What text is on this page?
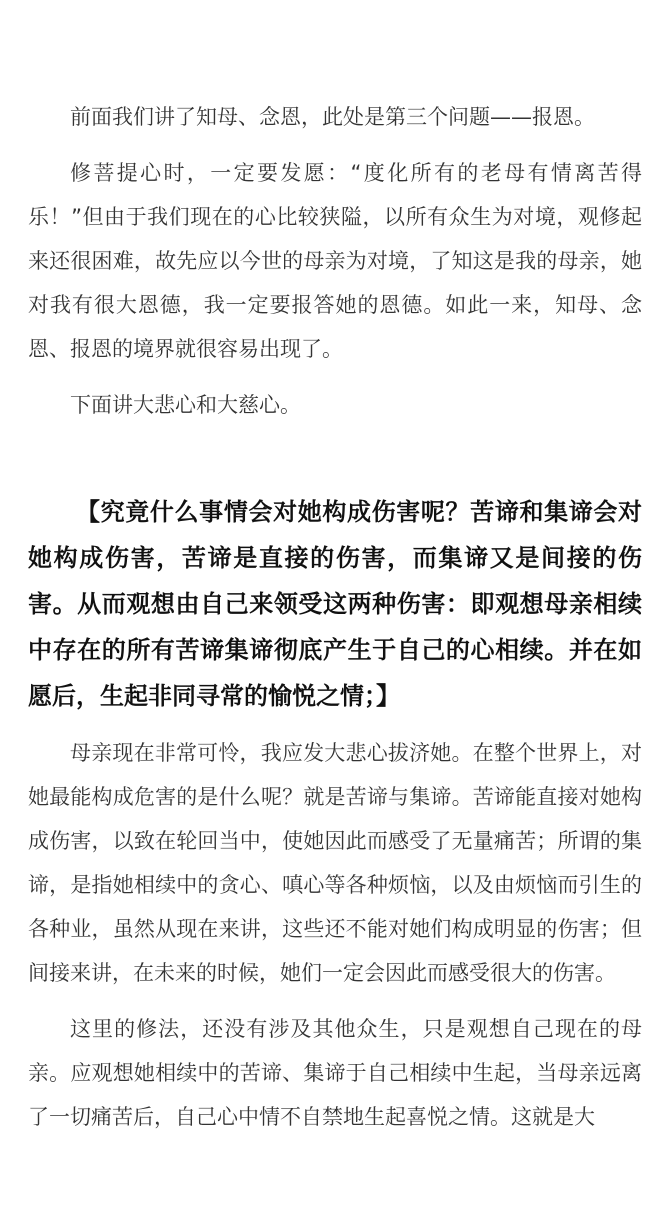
前面我们讲了知母、念恩，此处是第三个问题——报恩。

修菩提心时，一定要发愿：“度化所有的老母有情离苦得乐！”但由于我们现在的心比较狭隘，以所有众生为对境，观修起来还很困难，故先应以今世的母亲为对境，了知这是我的母亲，她对我有很大恩德，我一定要报答她的恩德。如此一来，知母、念恩、报恩的境界就很容易出现了。

下面讲大悲心和大慈心。

【究竟什么事情会对她构成伤害呢？苦谛和集谛会对她构成伤害，苦谛是直接的伤害，而集谛又是间接的伤害。从而观想由自己来领受这两种伤害：即观想母亲相续中存在的所有苦谛集谛彻底产生于自己的心相续。并在如愿后，生起非同寻常的愉悦之情；】

母亲现在非常可怜，我应发大悲心拔济她。在整个世界上，对她最能构成危害的是什么呢？就是苦谛与集谛。苦谛能直接对她构成伤害，以致在轮回当中，使她因此而感受了无量痛苦；所谓的集谛，是指她相续中的贪心、嗔心等各种烦恼，以及由烦恼而引生的各种业，虽然从现在来讲，这些还不能对她们构成明显的伤害；但间接来讲，在未来的时候，她们一定会因此而感受很大的伤害。

这里的修法，还没有涉及其他众生，只是观想自己现在的母亲。应观想她相续中的苦谛、集谛于自己相续中生起，当母亲远离了一切痛苦后，自己心中情不自禁地生起喜悦之情。这就是大
